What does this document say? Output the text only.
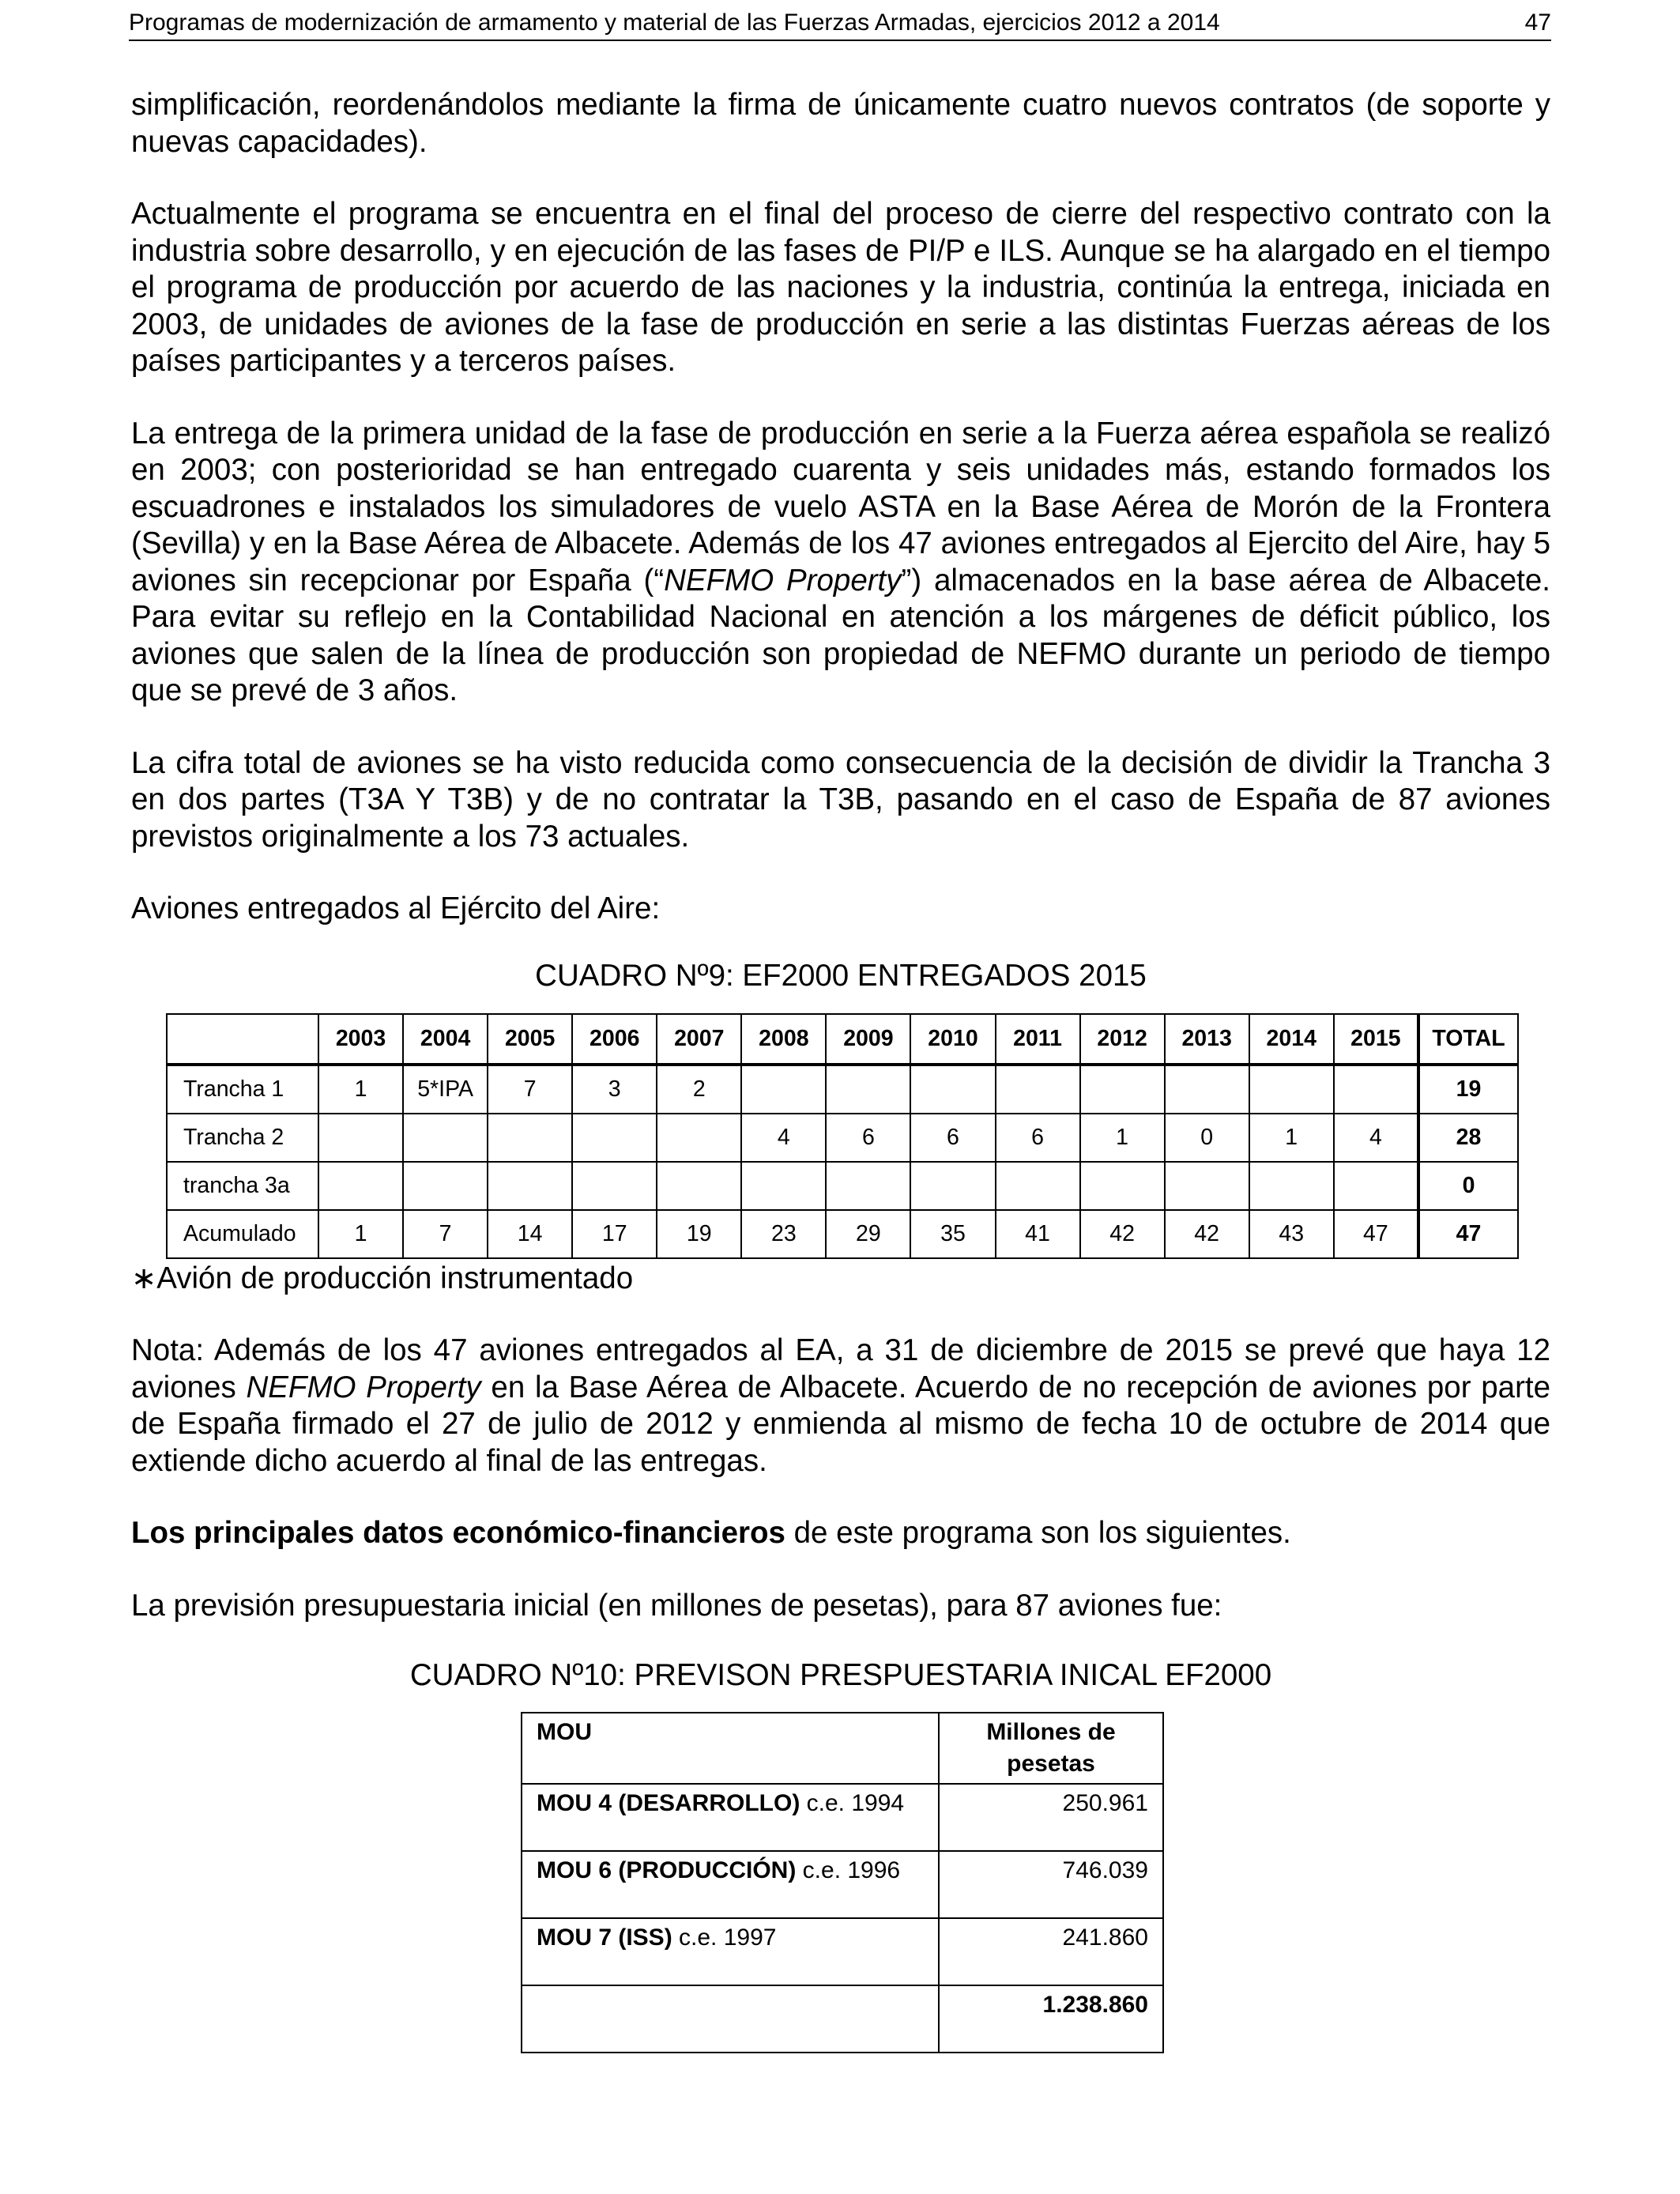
Programas de modernización de armamento y material de las Fuerzas Armadas, ejercicios 2012 a 2014	47

simplificación, reordenándolos mediante la firma de únicamente cuatro nuevos contratos (de soporte y nuevas capacidades).

Actualmente el programa se encuentra en el final del proceso de cierre del respectivo contrato con la industria sobre desarrollo, y en ejecución de las fases de PI/P e ILS. Aunque se ha alargado en el tiempo el programa de producción por acuerdo de las naciones y la industria, continúa la entrega, iniciada en 2003, de unidades de aviones de la fase de producción en serie a las distintas Fuerzas aéreas de los países participantes y a terceros países.

La entrega de la primera unidad de la fase de producción en serie a la Fuerza aérea española se realizó en 2003; con posterioridad se han entregado cuarenta y seis unidades más, estando formados los escuadrones e instalados los simuladores de vuelo ASTA en la Base Aérea de Morón de la Frontera (Sevilla) y en la Base Aérea de Albacete. Además de los 47 aviones entregados al Ejercito del Aire, hay 5 aviones sin recepcionar por España (“NEFMO Property”) almacenados en la base aérea de Albacete. Para evitar su reflejo en la Contabilidad Nacional en atención a los márgenes de déficit público, los aviones que salen de la línea de producción son propiedad de NEFMO durante un periodo de tiempo que se prevé de 3 años.

La cifra total de aviones se ha visto reducida como consecuencia de la decisión de dividir la Trancha 3 en dos partes (T3A Y T3B) y de no contratar la T3B, pasando en el caso de España de 87 aviones previstos originalmente a los 73 actuales.

Aviones entregados al Ejército del Aire:

CUADRO Nº9: EF2000 ENTREGADOS 2015
	2003	2004	2005	2006	2007	2008	2009	2010	2011	2012	2013	2014	2015	TOTAL
Trancha 1	1	5*IPA	7	3	2									19
Trancha 2						4	6	6	6	1	0	1	4	28
trancha 3a														0
Acumulado	1	7	14	17	19	23	29	35	41	42	42	43	47	47

∗Avión de producción instrumentado

Nota: Además de los 47 aviones entregados al EA, a 31 de diciembre de 2015 se prevé que haya 12 aviones NEFMO Property en la Base Aérea de Albacete. Acuerdo de no recepción de aviones por parte de España firmado el 27 de julio de 2012 y enmienda al mismo de fecha 10 de octubre de 2014 que extiende dicho acuerdo al final de las entregas.

Los principales datos económico-financieros de este programa son los siguientes.

La previsión presupuestaria inicial (en millones de pesetas), para 87 aviones fue:

CUADRO Nº10: PREVISON PRESPUESTARIA INICAL EF2000
MOU	Millones de pesetas
MOU 4 (DESARROLLO) c.e. 1994	250.961
MOU 6 (PRODUCCIÓN) c.e. 1996	746.039
MOU 7 (ISS) c.e. 1997	241.860
	1.238.860
